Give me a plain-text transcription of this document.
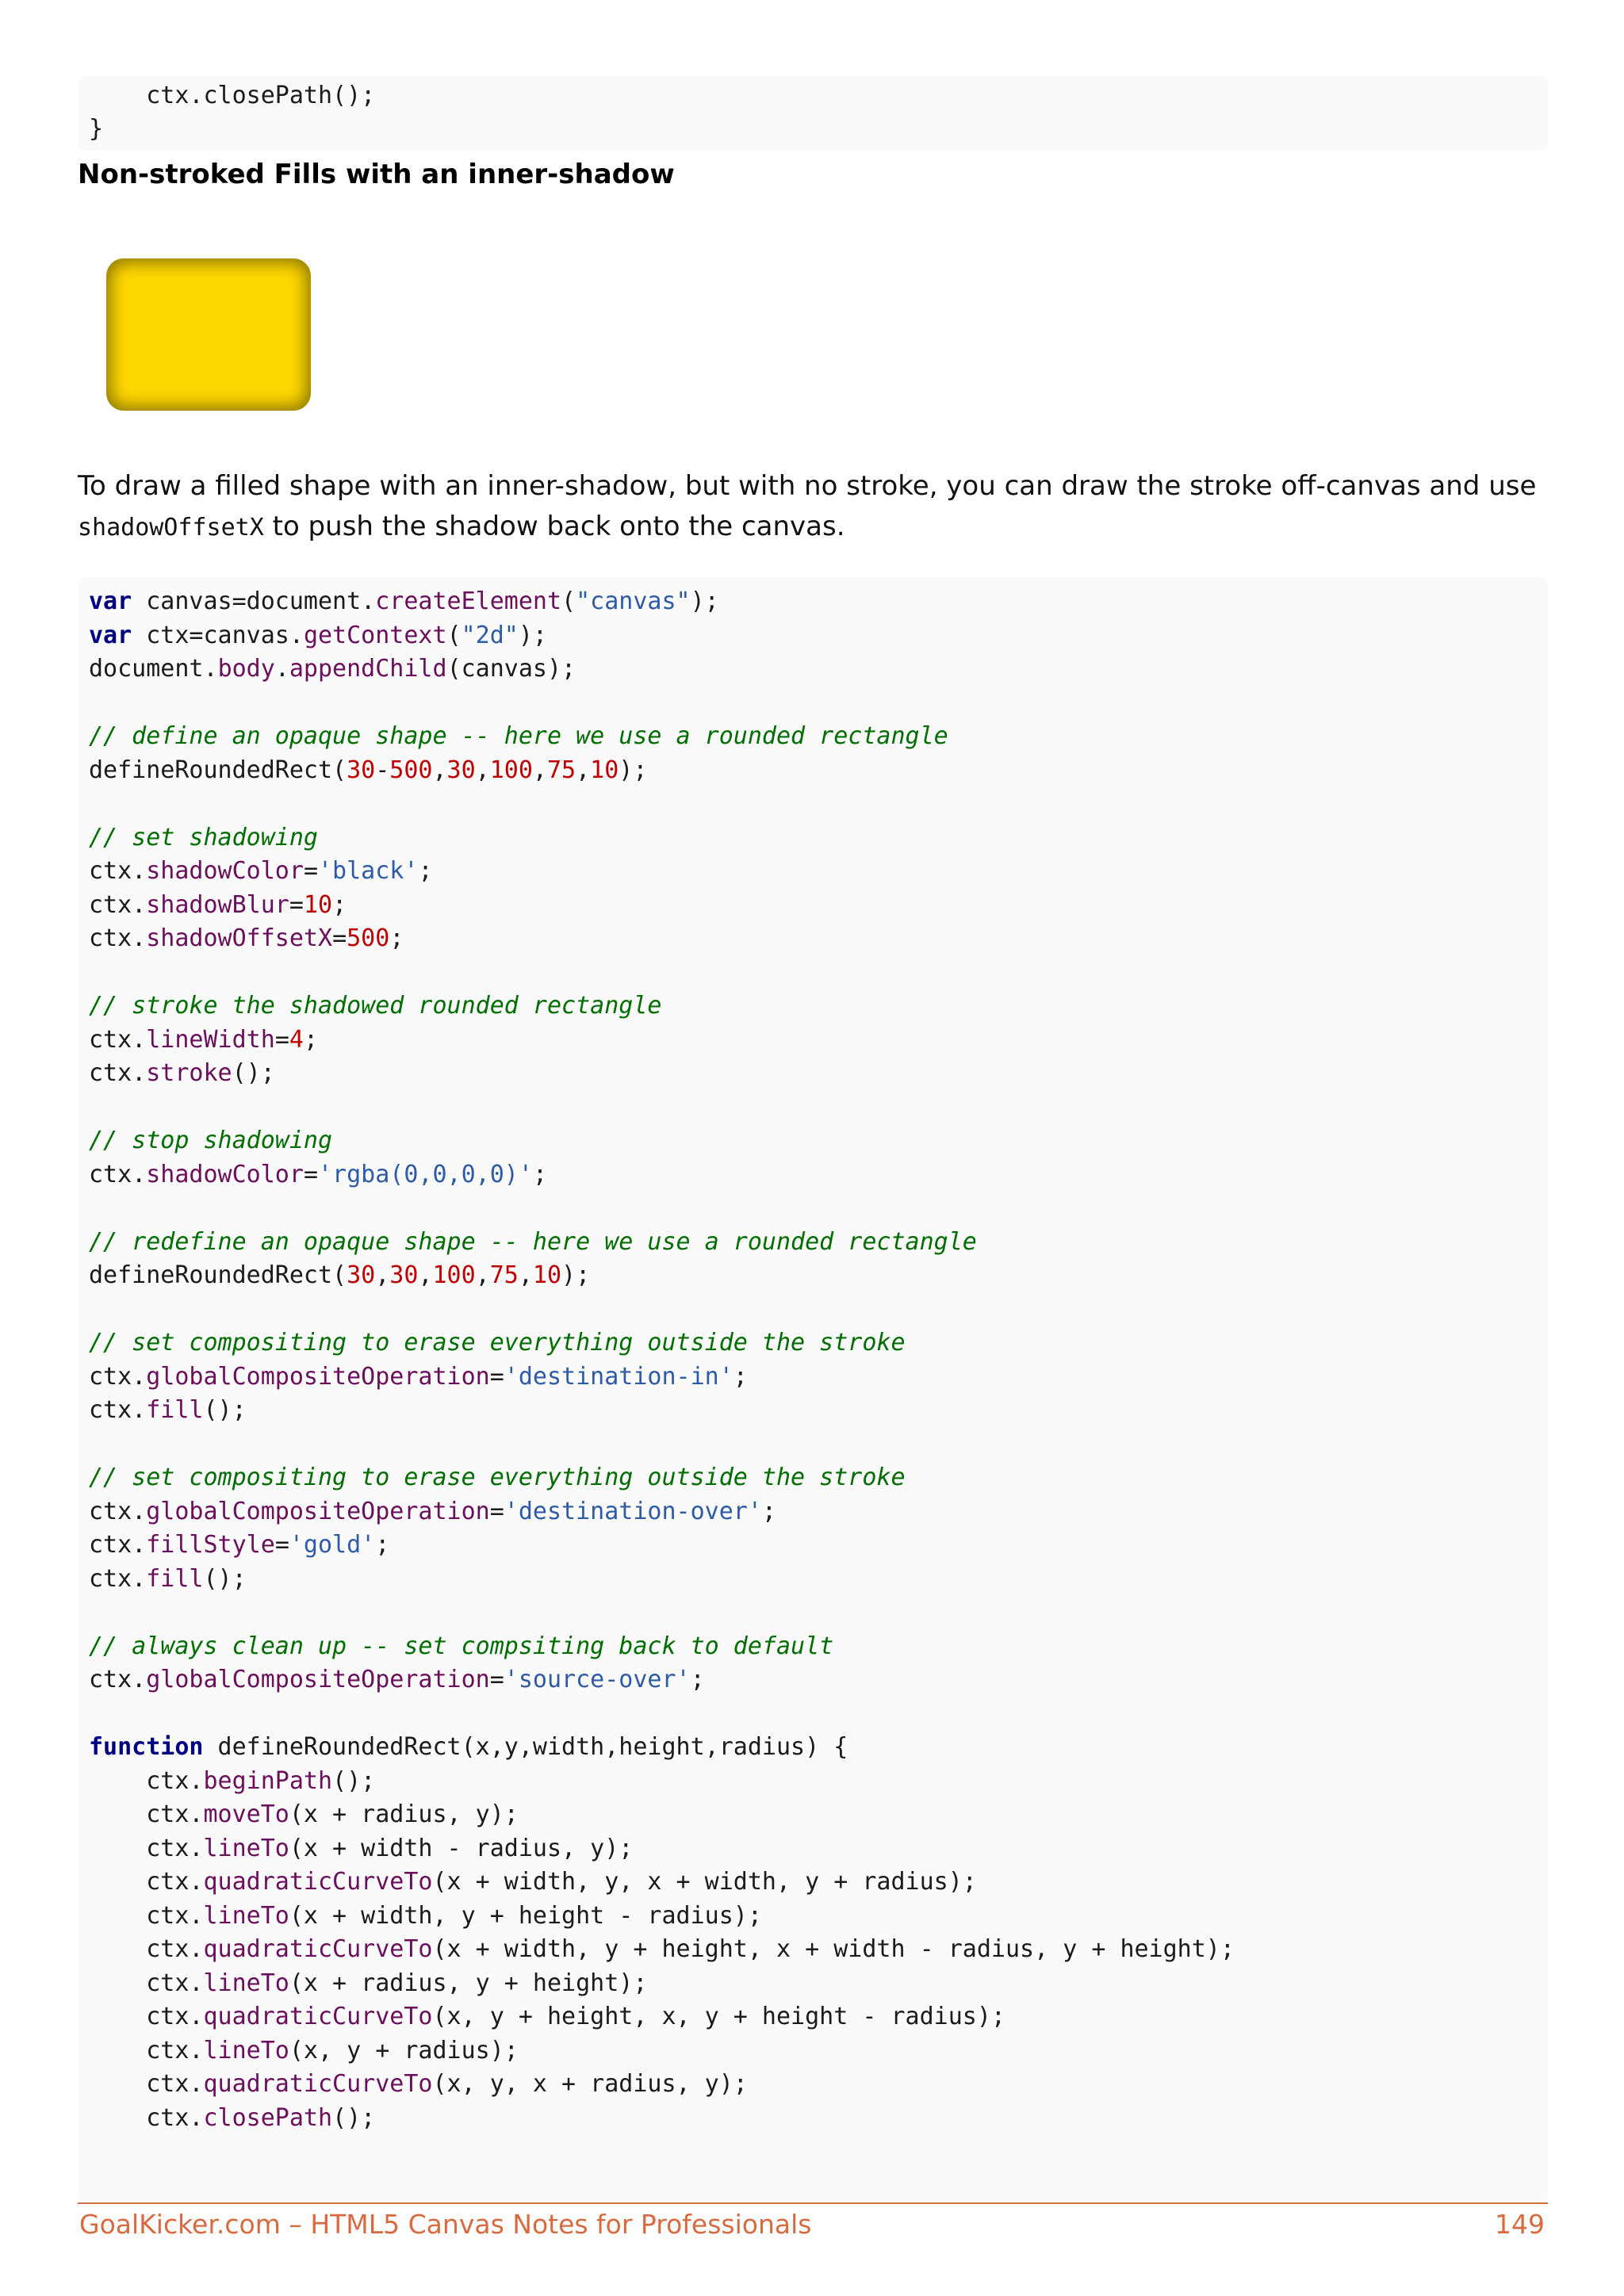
ctx.closePath();
}
Non-stroked Fills with an inner-shadow
To draw a filled shape with an inner-shadow, but with no stroke, you can draw the stroke off-canvas and use shadowOffsetX to push the shadow back onto the canvas.
var canvas=document.createElement("canvas");
var ctx=canvas.getContext("2d");
document.body.appendChild(canvas);
// define an opaque shape -- here we use a rounded rectangle
defineRoundedRect(30-500,30,100,75,10);
// set shadowing
ctx.shadowColor='black';
ctx.shadowBlur=10;
ctx.shadowOffsetX=500;
// stroke the shadowed rounded rectangle
ctx.lineWidth=4;
ctx.stroke();
// stop shadowing
ctx.shadowColor='rgba(0,0,0,0)';
// redefine an opaque shape -- here we use a rounded rectangle
defineRoundedRect(30,30,100,75,10);
// set compositing to erase everything outside the stroke
ctx.globalCompositeOperation='destination-in';
ctx.fill();
// set compositing to erase everything outside the stroke
ctx.globalCompositeOperation='destination-over';
ctx.fillStyle='gold';
ctx.fill();
// always clean up -- set compsiting back to default
ctx.globalCompositeOperation='source-over';
function defineRoundedRect(x,y,width,height,radius) {
ctx.beginPath();
ctx.moveTo(x + radius, y);
ctx.lineTo(x + width - radius, y);
ctx.quadraticCurveTo(x + width, y, x + width, y + radius);
ctx.lineTo(x + width, y + height - radius);
ctx.quadraticCurveTo(x + width, y + height, x + width - radius, y + height);
ctx.lineTo(x + radius, y + height);
ctx.quadraticCurveTo(x, y + height, x, y + height - radius);
ctx.lineTo(x, y + radius);
ctx.quadraticCurveTo(x, y, x + radius, y);
ctx.closePath();
GoalKicker.com – HTML5 Canvas Notes for Professionals	149
